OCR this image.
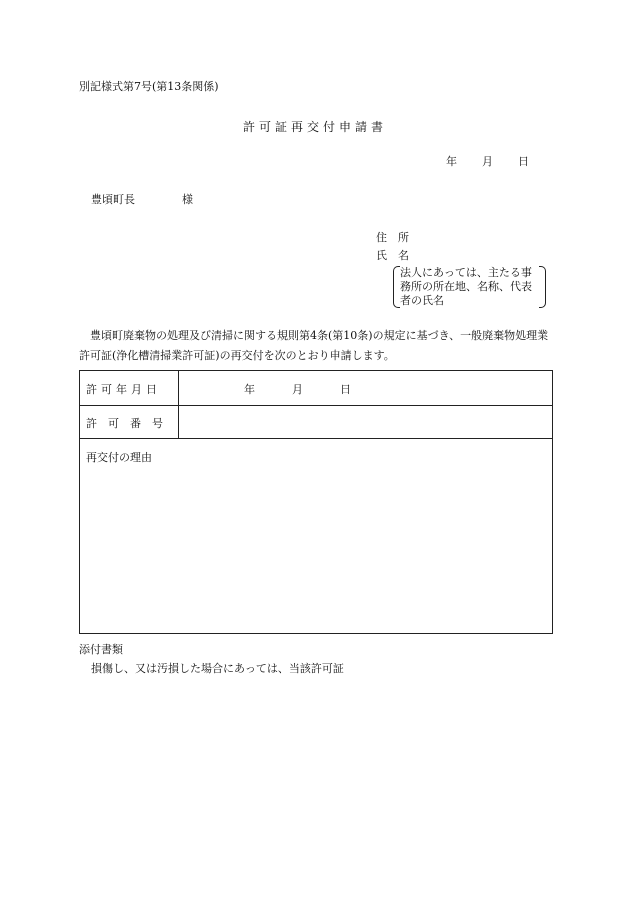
別記様式第7号(第13条関係)
許可証再交付申請書
年 月 日
豊頃町長	様
住　所
氏　名
法人にあっては、主たる事務所の所在地、名称、代表者の氏名
豊頃町廃棄物の処理及び清掃に関する規則第4条(第10条)の規定に基づき、一般廃棄物処理業許可証(浄化槽清掃業許可証)の再交付を次のとおり申請します。
許可年月日	年	月	日
許可番号
再交付の理由
添付書類
損傷し、又は汚損した場合にあっては、当該許可証
